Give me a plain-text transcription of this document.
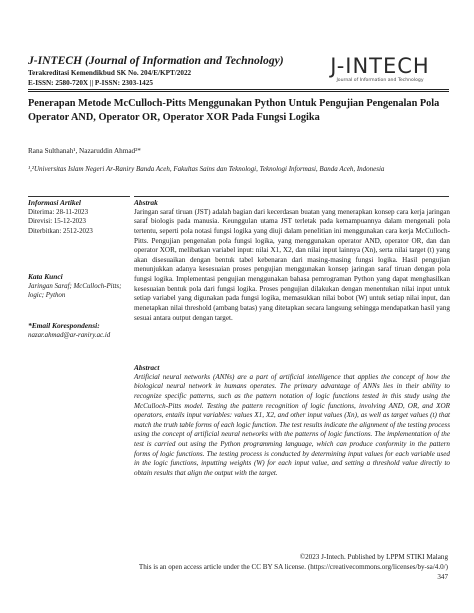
J-INTECH (Journal of Information and Technology)
Terakreditasi Kemendikbud SK No. 204/E/KPT/2022
E-ISSN: 2580-720X || P-ISSN: 2303-1425
J-INTECH
Journal of Information and Technology
Penerapan Metode McCulloch-Pitts Menggunakan Python Untuk Pengujian Pengenalan Pola Operator AND, Operator OR, Operator XOR Pada Fungsi Logika
Rana Sulthanah¹, Nazaruddin Ahmad²*
¹,²Universitas Islam Negeri Ar-Raniry Banda Aceh, Fakultas Sains dan Teknologi, Teknologi Informasi, Banda Aceh, Indonesia
Informasi Artikel
Diterima: 28-11-2023
Direvisi: 15-12-2023
Diterbitkan: 2512-2023
Kata Kunci
Jaringan Saraf; McCulloch-Pitts; logic; Python
*Email Korespondensi:
nazar.ahmad@ar-raniry.ac.id
Abstrak
Jaringan saraf tiruan (JST) adalah bagian dari kecerdasan buatan yang menerapkan konsep cara kerja jaringan saraf biologis pada manusia. Keunggulan utama JST terletak pada kemampuannya dalam mengenali pola tertentu, seperti pola notasi fungsi logika yang diuji dalam penelitian ini menggunakan cara kerja McCulloch-Pitts. Pengujian pengenalan pola fungsi logika, yang menggunakan operator AND, operator OR, dan dan operator XOR, melibatkan variabel input: nilai X1, X2, dan nilai input lainnya (Xn), serta nilai target (t) yang akan disesuaikan dengan bentuk tabel kebenaran dari masing-masing fungsi logika. Hasil pengujian menunjukkan adanya kesesuaian proses pengujian menggunakan konsep jaringan saraf tiruan dengan pola fungsi logika. Implementasi pengujian menggunakan bahasa pemrograman Python yang dapat menghasilkan kesesuaian bentuk pola dari fungsi logika. Proses pengujian dilakukan dengan menentukan nilai input untuk setiap variabel yang digunakan pada fungsi logika, memasukkan nilai bobot (W) untuk setiap nilai input, dan menetapkan nilai threshold (ambang batas) yang ditetapkan secara langsung sehingga mendapatkan hasil yang sesuai antara output dengan target.
Abstract
Artificial neural networks (ANNs) are a part of artificial intelligence that applies the concept of how the biological neural network in humans operates. The primary advantage of ANNs lies in their ability to recognize specific patterns, such as the pattern notation of logic functions tested in this study using the McCulloch-Pitts model. Testing the pattern recognition of logic functions, involving AND, OR, and XOR operators, entails input variables: values X1, X2, and other input values (Xn), as well as target values (t) that match the truth table forms of each logic function. The test results indicate the alignment of the testing process using the concept of artificial neural networks with the patterns of logic functions. The implementation of the test is carried out using the Python programming language, which can produce conformity in the pattern forms of logic functions. The testing process is conducted by determining input values for each variable used in the logic functions, inputting weights (W) for each input value, and setting a threshold value directly to obtain results that align the output with the target.
©2023 J-Intech. Published by LPPM STIKI Malang
This is an open access article under the CC BY SA license. (https://creativecommons.org/licenses/by-sa/4.0/)
347
